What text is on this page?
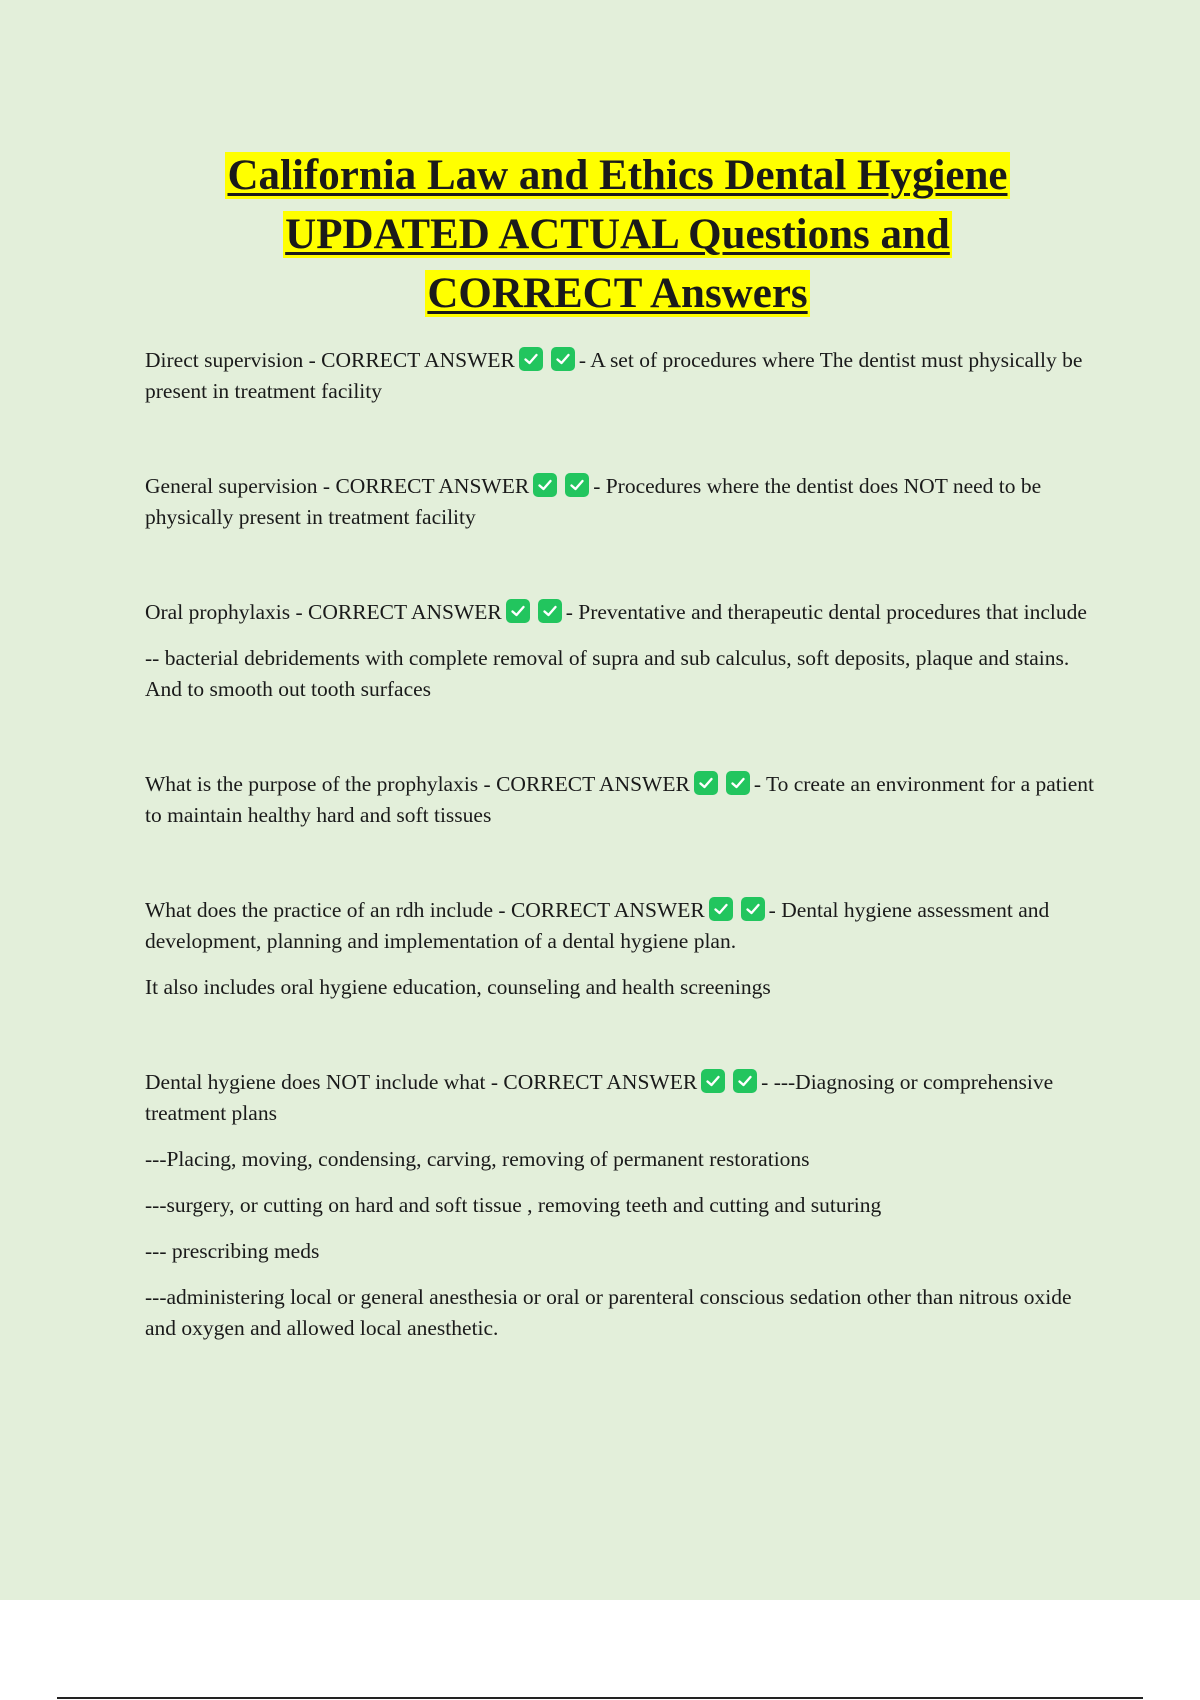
California Law and Ethics Dental Hygiene
UPDATED ACTUAL Questions and
CORRECT Answers

Direct supervision - CORRECT ANSWER	- A set of procedures where The dentist must physically be present in treatment facility

General supervision - CORRECT ANSWER	- Procedures where the dentist does NOT need to be physically present in treatment facility

Oral prophylaxis - CORRECT ANSWER	- Preventative and therapeutic dental procedures that include

-- bacterial debridements with complete removal of supra and sub calculus, soft deposits, plaque and stains. And to smooth out tooth surfaces

What is the purpose of the prophylaxis - CORRECT ANSWER	- To create an environment for a patient to maintain healthy hard and soft tissues

What does the practice of an rdh include - CORRECT ANSWER	- Dental hygiene assessment and development, planning and implementation of a dental hygiene plan.

It also includes oral hygiene education, counseling and health screenings

Dental hygiene does NOT include what - CORRECT ANSWER	- ---Diagnosing or comprehensive treatment plans

---Placing, moving, condensing, carving, removing of permanent restorations

---surgery, or cutting on hard and soft tissue , removing teeth and cutting and suturing

--- prescribing meds

---administering local or general anesthesia or oral or parenteral conscious sedation other than nitrous oxide and oxygen and allowed local anesthetic.
